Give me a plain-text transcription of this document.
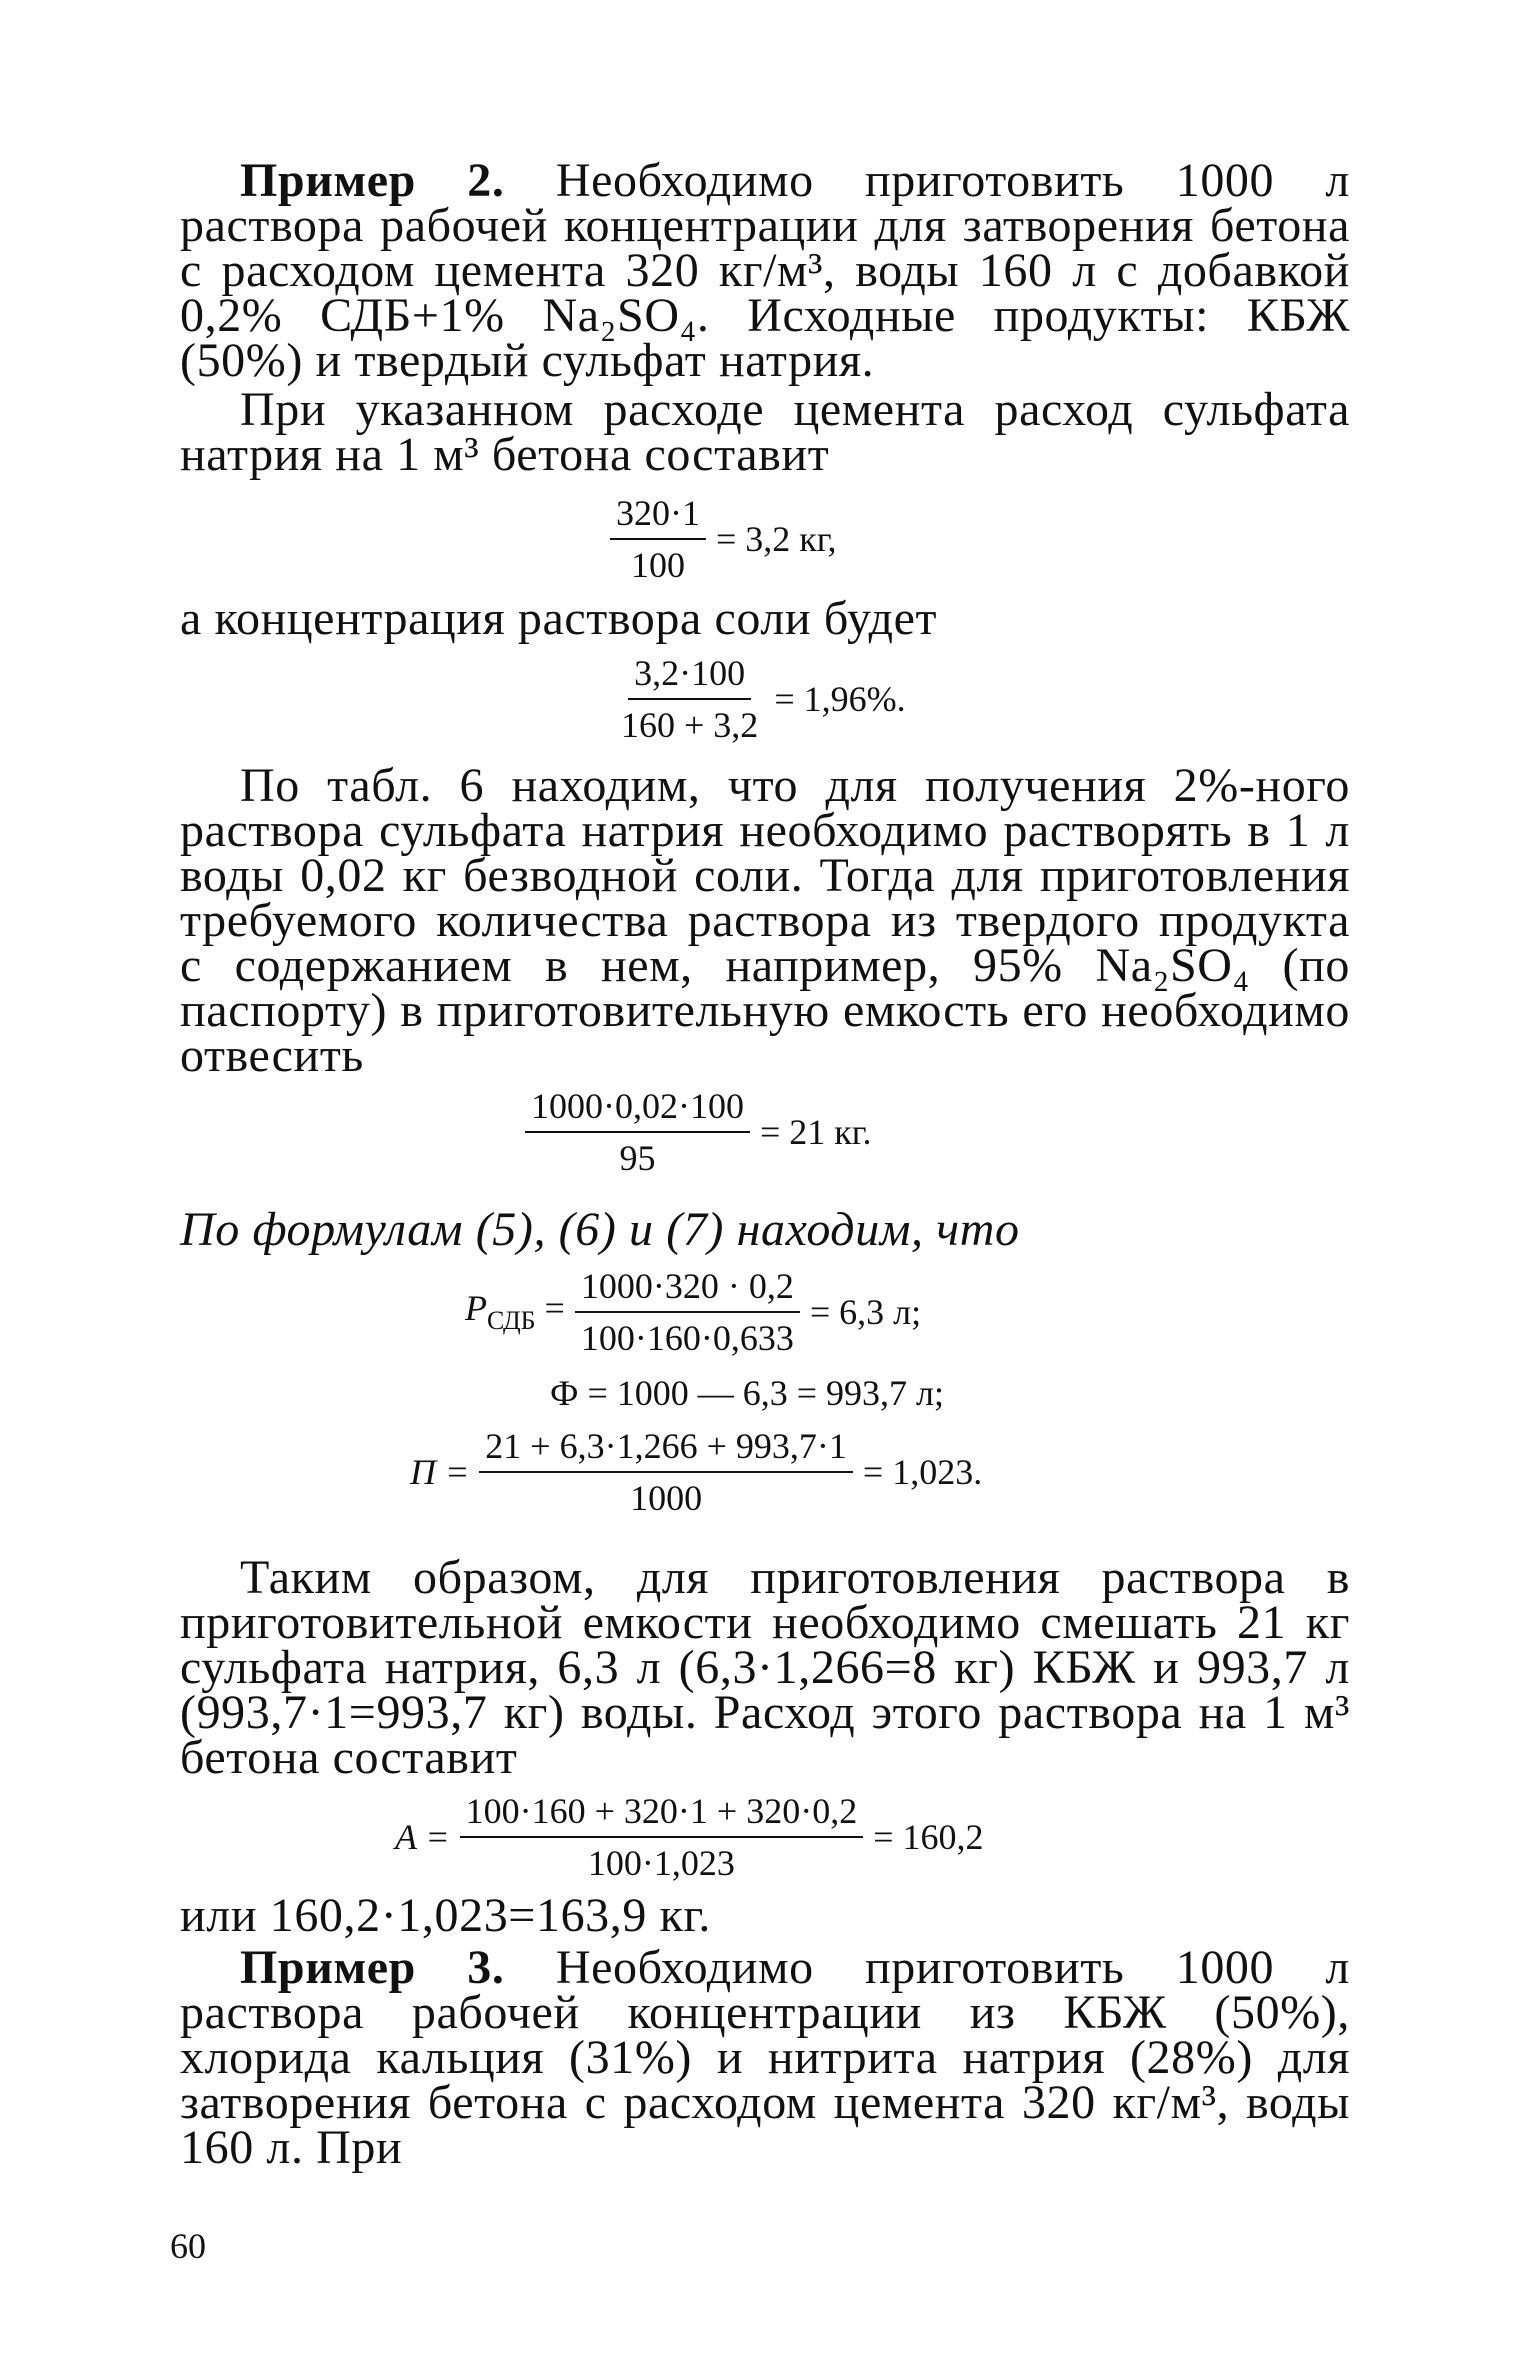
Пример 2. Необходимо приготовить 1000 л раствора рабочей концентрации для затворения бетона с расходом цемента 320 кг/м³, воды 160 л с добавкой 0,2% СДБ+1% Na₂SO₄. Исходные продукты: КБЖ (50%) и твердый сульфат натрия.

При указанном расходе цемента расход сульфата натрия на 1 м³ бетона составит

$\frac{320\cdot 1}{100} = 3,2$ кг,

а концентрация раствора соли будет

$\frac{3,2\cdot 100}{160 + 3,2} = 1,96\%$.

По табл. 6 находим, что для получения 2%-ного раствора сульфата натрия необходимо растворять в 1 л воды 0,02 кг безводной соли. Тогда для приготовления требуемого количества раствора из твердого продукта с содержанием в нем, например, 95% Na₂SO₄ (по паспорту) в приготовительную емкость его необходимо отвесить

$\frac{1000\cdot 0,02\cdot 100}{95} = 21$ кг.

По формулам (5), (6) и (7) находим, что

$P_{СДБ} = \frac{1000\cdot 320 \cdot 0,2}{100\cdot 160\cdot 0,633} = 6,3$ л;
Ф = 1000 — 6,3 = 993,7 л;
$П = \frac{21 + 6,3\cdot 1,266 + 993,7\cdot 1}{1000} = 1,023$.

Таким образом, для приготовления раствора в приготовительной емкости необходимо смешать 21 кг сульфата натрия, 6,3 л (6,3·1,266=8 кг) КБЖ и 993,7 л (993,7·1=993,7 кг) воды. Расход этого раствора на 1 м³ бетона составит

$A = \frac{100\cdot 160 + 320\cdot 1 + 320\cdot 0,2}{100\cdot 1,023} = 160,2$

или 160,2·1,023=163,9 кг.

Пример 3. Необходимо приготовить 1000 л раствора рабочей концентрации из КБЖ (50%), хлорида кальция (31%) и нитрита натрия (28%) для затворения бетона с расходом цемента 320 кг/м³, воды 160 л. При

60
